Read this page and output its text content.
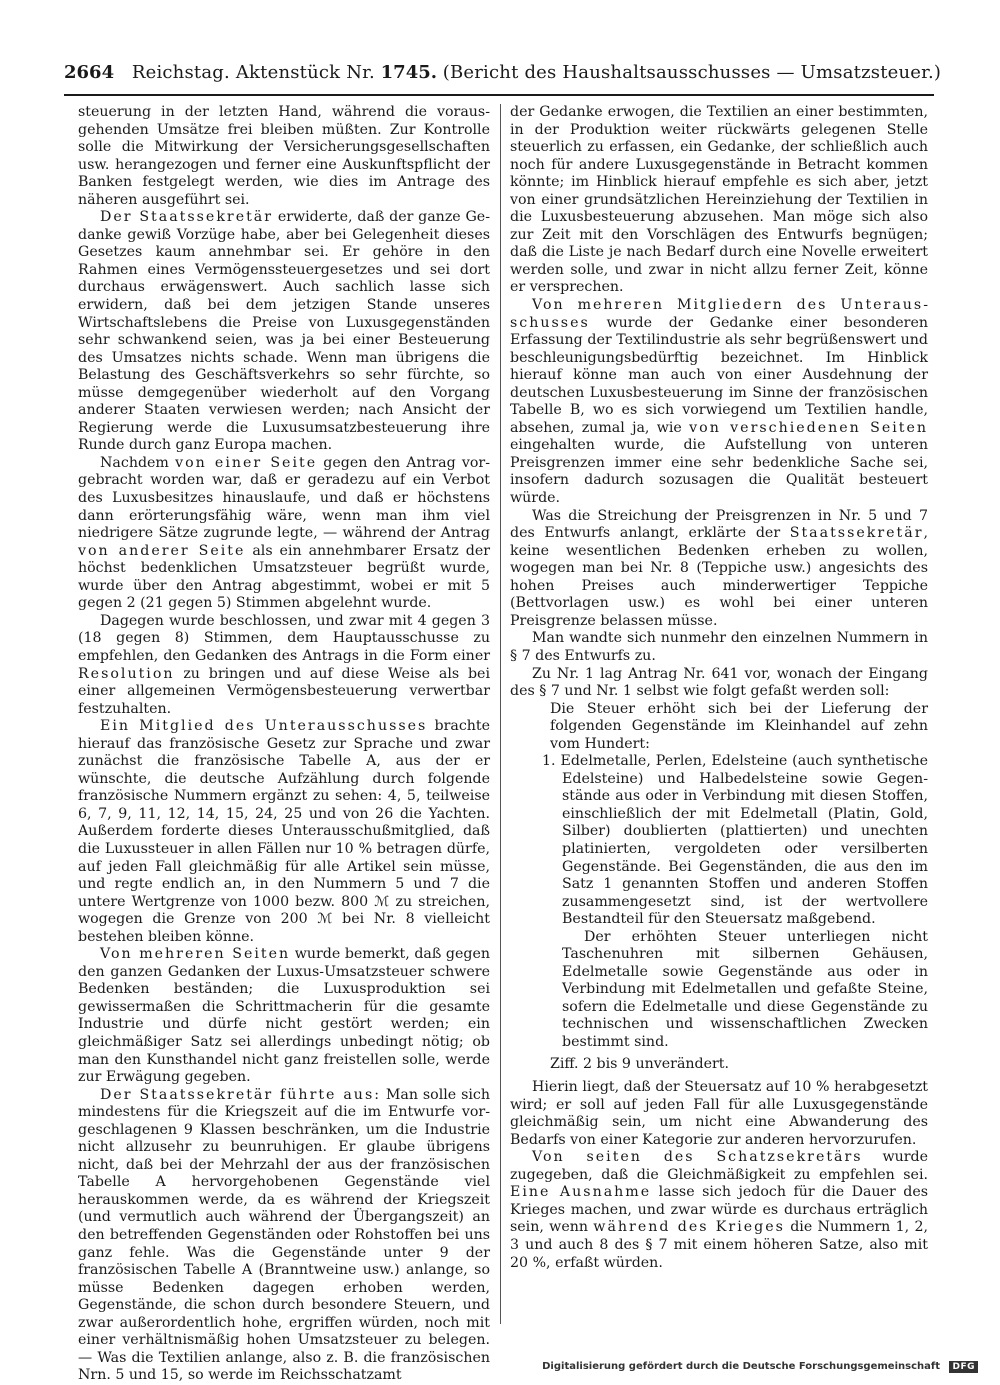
2664 Reichstag. Aktenstück Nr. 1745. (Bericht des Haushaltsausschusses — Umsatzsteuer.)

steuerung in der letzten Hand, während die vorausgehenden Umsätze frei bleiben müßten. Zur Kontrolle solle die Mitwirkung der Versicherungsgesellschaften usw. herangezogen und ferner eine Auskunftspflicht der Banken festgelegt werden, wie dies im Antrage des näheren ausgeführt sei.

Der Staatssekretär erwiderte, daß der ganze Gedanke gewiß Vorzüge habe, aber bei Gelegenheit dieses Gesetzes kaum annehmbar sei. Er gehöre in den Rahmen eines Vermögenssteuergesetzes und sei dort durchaus erwägenswert. Auch sachlich lasse sich erwidern, daß bei dem jetzigen Stande unseres Wirtschaftslebens die Preise von Luxusgegenständen sehr schwankend seien, was ja bei einer Besteuerung des Umsatzes nichts schade. Wenn man übrigens die Belastung des Geschäftsverkehrs so sehr fürchte, so müsse demgegenüber wiederholt auf den Vorgang anderer Staaten verwiesen werden; nach Ansicht der Regierung werde die Luxusumsatzbesteuerung ihre Runde durch ganz Europa machen.

Nachdem von einer Seite gegen den Antrag vorgebracht worden war, daß er geradezu auf ein Verbot des Luxusbesitzes hinauslaufe, und daß er höchstens dann erörterungsfähig wäre, wenn man ihm viel niedrigere Sätze zugrunde legte, — während der Antrag von anderer Seite als ein annehmbarer Ersatz der höchst bedenklichen Umsatzsteuer begrüßt wurde, wurde über den Antrag abgestimmt, wobei er mit 5 gegen 2 (21 gegen 5) Stimmen abgelehnt wurde.

Dagegen wurde beschlossen, und zwar mit 4 gegen 3 (18 gegen 8) Stimmen, dem Hauptausschusse zu empfehlen, den Gedanken des Antrags in die Form einer Resolution zu bringen und auf diese Weise als bei einer allgemeinen Vermögensbesteuerung verwertbar festzuhalten.

Ein Mitglied des Unterausschusses brachte hierauf das französische Gesetz zur Sprache und zwar zunächst die französische Tabelle A, aus der er wünschte, die deutsche Aufzählung durch folgende französische Nummern ergänzt zu sehen: 4, 5, teilweise 6, 7, 9, 11, 12, 14, 15, 24, 25 und von 26 die Yachten. Außerdem forderte dieses Unterausschußmitglied, daß die Luxussteuer in allen Fällen nur 10 % betragen dürfe, auf jeden Fall gleichmäßig für alle Artikel sein müsse, und regte endlich an, in den Nummern 5 und 7 die untere Wertgrenze von 1000 bezw. 800 ℳ zu streichen, wogegen die Grenze von 200 ℳ bei Nr. 8 vielleicht bestehen bleiben könne.

Von mehreren Seiten wurde bemerkt, daß gegen den ganzen Gedanken der Luxus-Umsatzsteuer schwere Bedenken beständen; die Luxusproduktion sei gewissermaßen die Schrittmacherin für die gesamte Industrie und dürfe nicht gestört werden; ein gleichmäßiger Satz sei allerdings unbedingt nötig; ob man den Kunsthandel nicht ganz freistellen solle, werde zur Erwägung gegeben.

Der Staatssekretär führte aus: Man solle sich mindestens für die Kriegszeit auf die im Entwurfe vorgeschlagenen 9 Klassen beschränken, um die Industrie nicht allzusehr zu beunruhigen. Er glaube übrigens nicht, daß bei der Mehrzahl der aus der französischen Tabelle A hervorgehobenen Gegenstände viel herauskommen werde, da es während der Kriegszeit (und vermutlich auch während der Übergangszeit) an den betreffenden Gegenständen oder Rohstoffen bei uns ganz fehle. Was die Gegenstände unter 9 der französischen Tabelle A (Branntweine usw.) anlange, so müsse Bedenken dagegen erhoben werden, Gegenstände, die schon durch besondere Steuern, und zwar außerordentlich hohe, ergriffen würden, noch mit einer verhältnismäßig hohen Umsatzsteuer zu belegen. — Was die Textilien anlange, also z. B. die französischen Nrn. 5 und 15, so werde im Reichsschatzamt

der Gedanke erwogen, die Textilien an einer bestimmten, in der Produktion weiter rückwärts gelegenen Stelle steuerlich zu erfassen, ein Gedanke, der schließlich auch noch für andere Luxusgegenstände in Betracht kommen könnte; im Hinblick hierauf empfehle es sich aber, jetzt von einer grundsätzlichen Hereinziehung der Textilien in die Luxusbesteuerung abzusehen. Man möge sich also zur Zeit mit den Vorschlägen des Entwurfs begnügen; daß die Liste je nach Bedarf durch eine Novelle erweitert werden solle, und zwar in nicht allzu ferner Zeit, könne er versprechen.

Von mehreren Mitgliedern des Unterausschusses wurde der Gedanke einer besonderen Erfassung der Textilindustrie als sehr begrüßenswert und beschleunigungsbedürftig bezeichnet. Im Hinblick hierauf könne man auch von einer Ausdehnung der deutschen Luxusbesteuerung im Sinne der französischen Tabelle B, wo es sich vorwiegend um Textilien handle, absehen, zumal ja, wie von verschiedenen Seiten eingehalten wurde, die Aufstellung von unteren Preisgrenzen immer eine sehr bedenkliche Sache sei, insofern dadurch sozusagen die Qualität besteuert würde.

Was die Streichung der Preisgrenzen in Nr. 5 und 7 des Entwurfs anlangt, erklärte der Staatssekretär, keine wesentlichen Bedenken erheben zu wollen, wogegen man bei Nr. 8 (Teppiche usw.) angesichts des hohen Preises auch minderwertiger Teppiche (Bettvorlagen usw.) es wohl bei einer unteren Preisgrenze belassen müsse.

Man wandte sich nunmehr den einzelnen Nummern in § 7 des Entwurfs zu.

Zu Nr. 1 lag Antrag Nr. 641 vor, wonach der Eingang des § 7 und Nr. 1 selbst wie folgt gefaßt werden soll:

Die Steuer erhöht sich bei der Lieferung der folgenden Gegenstände im Kleinhandel auf zehn vom Hundert:

1. Edelmetalle, Perlen, Edelsteine (auch synthetische Edelsteine) und Halbedelsteine sowie Gegenstände aus oder in Verbindung mit diesen Stoffen, einschließlich der mit Edelmetall (Platin, Gold, Silber) doublierten (plattierten) und unechten platinierten, vergoldeten oder versilberten Gegenstände. Bei Gegenständen, die aus den im Satz 1 genannten Stoffen und anderen Stoffen zusammengesetzt sind, ist der wertvollere Bestandteil für den Steuersatz maßgebend.

Der erhöhten Steuer unterliegen nicht Taschenuhren mit silbernen Gehäusen, Edelmetalle sowie Gegenstände aus oder in Verbindung mit Edelmetallen und gefaßte Steine, sofern die Edelmetalle und diese Gegenstände zu technischen und wissenschaftlichen Zwecken bestimmt sind.

Ziff. 2 bis 9 unverändert.

Hierin liegt, daß der Steuersatz auf 10 % herabgesetzt wird; er soll auf jeden Fall für alle Luxusgegenstände gleichmäßig sein, um nicht eine Abwanderung des Bedarfs von einer Kategorie zur anderen hervorzurufen.

Von seiten des Schatzsekretärs wurde zugegeben, daß die Gleichmäßigkeit zu empfehlen sei. Eine Ausnahme lasse sich jedoch für die Dauer des Krieges machen, und zwar würde es durchaus erträglich sein, wenn während des Krieges die Nummern 1, 2, 3 und auch 8 des § 7 mit einem höheren Satze, also mit 20 %, erfaßt würden.

Digitalisierung gefördert durch die Deutsche Forschungsgemeinschaft DFG
